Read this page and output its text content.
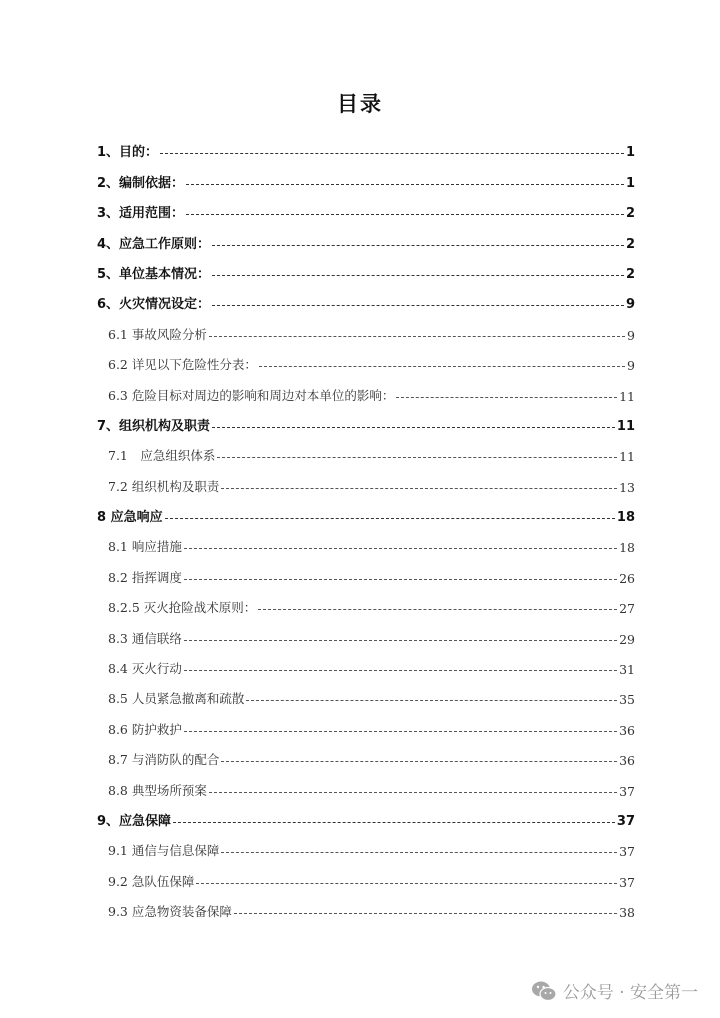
目录
1、目的：	1
2、编制依据：	1
3、适用范围：	2
4、应急工作原则：	2
5、单位基本情况：	2
6、火灾情况设定：	9
6.1 事故风险分析	9
6.2 详见以下危险性分表：	9
6.3 危险目标对周边的影响和周边对本单位的影响：	11
7、组织机构及职责	11
7.1　应急组织体系	11
7.2 组织机构及职责	13
8 应急响应	18
8.1 响应措施	18
8.2 指挥调度	26
8.2.5 灭火抢险战术原则：	27
8.3 通信联络	29
8.4 灭火行动	31
8.5 人员紧急撤离和疏散	35
8.6 防护救护	36
8.7 与消防队的配合	36
8.8 典型场所预案	37
9、应急保障	37
9.1 通信与信息保障	37
9.2 急队伍保障	37
9.3 应急物资装备保障	38
公众号 · 安全第一
